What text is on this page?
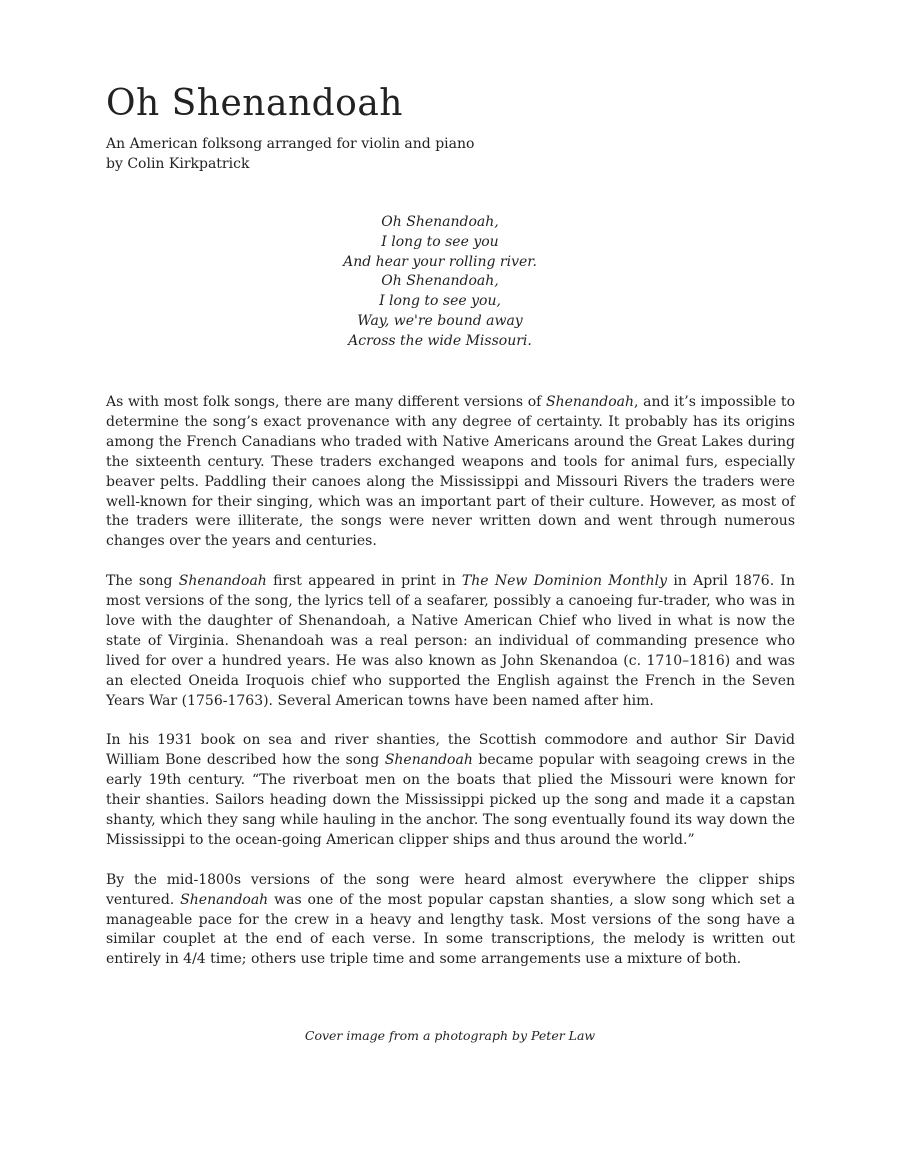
Oh Shenandoah
An American folksong arranged for violin and piano
by Colin Kirkpatrick
Oh Shenandoah,
I long to see you
And hear your rolling river.
Oh Shenandoah,
I long to see you,
Way, we're bound away
Across the wide Missouri.

As with most folk songs, there are many different versions of Shenandoah, and it’s impossible to determine the song’s exact provenance with any degree of certainty. It probably has its origins among the French Canadians who traded with Native Americans around the Great Lakes during the sixteenth century. These traders exchanged weapons and tools for animal furs, especially beaver pelts. Paddling their canoes along the Mississippi and Missouri Rivers the traders were well-known for their singing, which was an important part of their culture. However, as most of the traders were illiterate, the songs were never written down and went through numerous changes over the years and centuries.

The song Shenandoah first appeared in print in The New Dominion Monthly in April 1876. In most versions of the song, the lyrics tell of a seafarer, possibly a canoeing fur-trader, who was in love with the daughter of Shenandoah, a Native American Chief who lived in what is now the state of Virginia. Shenandoah was a real person: an individual of commanding presence who lived for over a hundred years. He was also known as John Skenandoa (c. 1710–1816) and was an elected Oneida Iroquois chief who supported the English against the French in the Seven Years War (1756-1763). Several American towns have been named after him.

In his 1931 book on sea and river shanties, the Scottish commodore and author Sir David William Bone described how the song Shenandoah became popular with seagoing crews in the early 19th century. “The riverboat men on the boats that plied the Missouri were known for their shanties. Sailors heading down the Mississippi picked up the song and made it a capstan shanty, which they sang while hauling in the anchor. The song eventually found its way down the Mississippi to the ocean-going American clipper ships and thus around the world.”

By the mid-1800s versions of the song were heard almost everywhere the clipper ships ventured. Shenandoah was one of the most popular capstan shanties, a slow song which set a manageable pace for the crew in a heavy and lengthy task. Most versions of the song have a similar couplet at the end of each verse. In some transcriptions, the melody is written out entirely in 4/4 time; others use triple time and some arrangements use a mixture of both.

Cover image from a photograph by Peter Law
